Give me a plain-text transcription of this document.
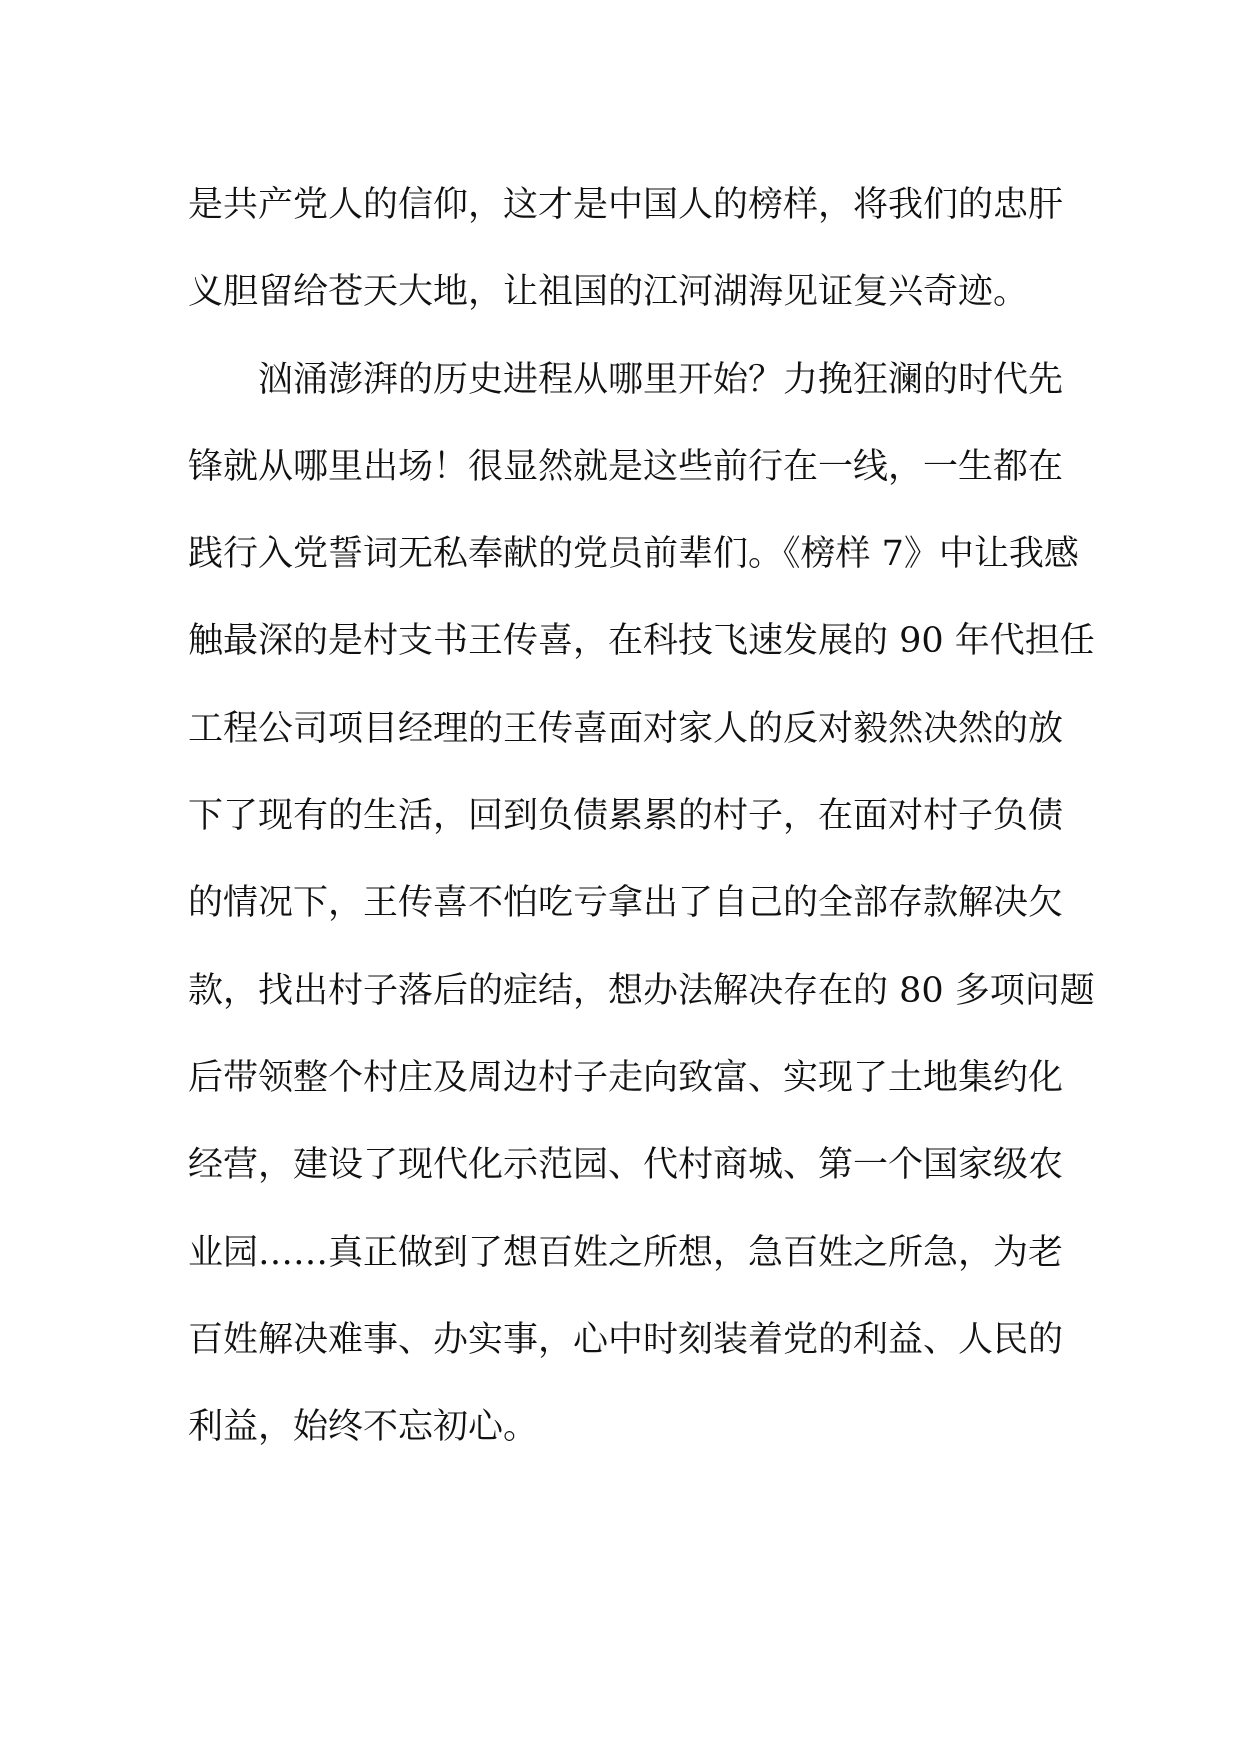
是共产党人的信仰，这才是中国人的榜样，将我们的忠肝
义胆留给苍天大地，让祖国的江河湖海见证复兴奇迹。
汹涌澎湃的历史进程从哪里开始？力挽狂澜的时代先
锋就从哪里出场！很显然就是这些前行在一线，一生都在
践行入党誓词无私奉献的党员前辈们。《榜样 7》中让我感
触最深的是村支书王传喜，在科技飞速发展的 90 年代担任
工程公司项目经理的王传喜面对家人的反对毅然决然的放
下了现有的生活，回到负债累累的村子，在面对村子负债
的情况下，王传喜不怕吃亏拿出了自己的全部存款解决欠
款，找出村子落后的症结，想办法解决存在的 80 多项问题
后带领整个村庄及周边村子走向致富、实现了土地集约化
经营，建设了现代化示范园、代村商城、第一个国家级农
业园……真正做到了想百姓之所想，急百姓之所急，为老
百姓解决难事、办实事，心中时刻装着党的利益、人民的
利益，始终不忘初心。
